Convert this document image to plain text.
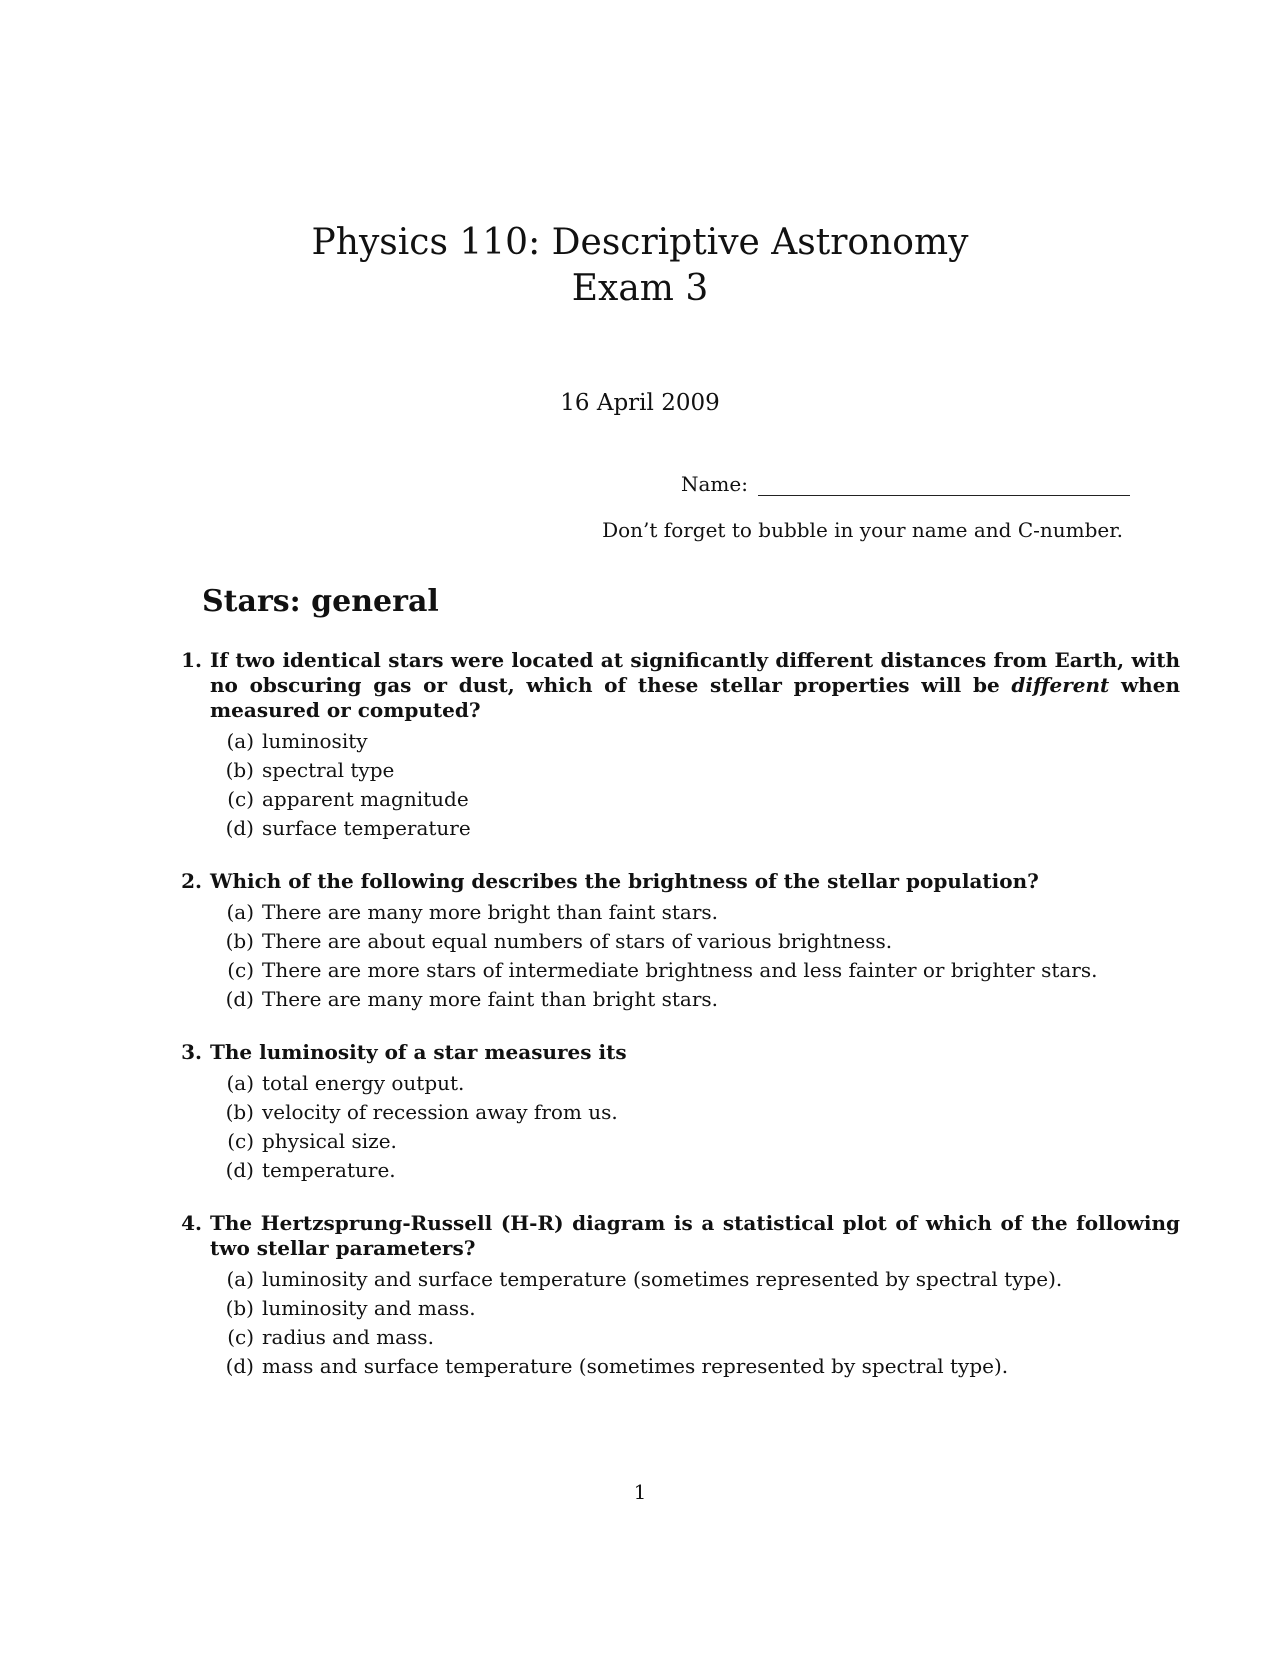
Physics 110: Descriptive Astronomy
Exam 3
16 April 2009
Name:
Don’t forget to bubble in your name and C-number.
Stars: general
1. If two identical stars were located at significantly different distances from Earth, with no obscuring gas or dust, which of these stellar properties will be different when measured or computed?
(a) luminosity
(b) spectral type
(c) apparent magnitude
(d) surface temperature
2. Which of the following describes the brightness of the stellar population?
(a) There are many more bright than faint stars.
(b) There are about equal numbers of stars of various brightness.
(c) There are more stars of intermediate brightness and less fainter or brighter stars.
(d) There are many more faint than bright stars.
3. The luminosity of a star measures its
(a) total energy output.
(b) velocity of recession away from us.
(c) physical size.
(d) temperature.
4. The Hertzsprung-Russell (H-R) diagram is a statistical plot of which of the following two stellar parameters?
(a) luminosity and surface temperature (sometimes represented by spectral type).
(b) luminosity and mass.
(c) radius and mass.
(d) mass and surface temperature (sometimes represented by spectral type).
1
